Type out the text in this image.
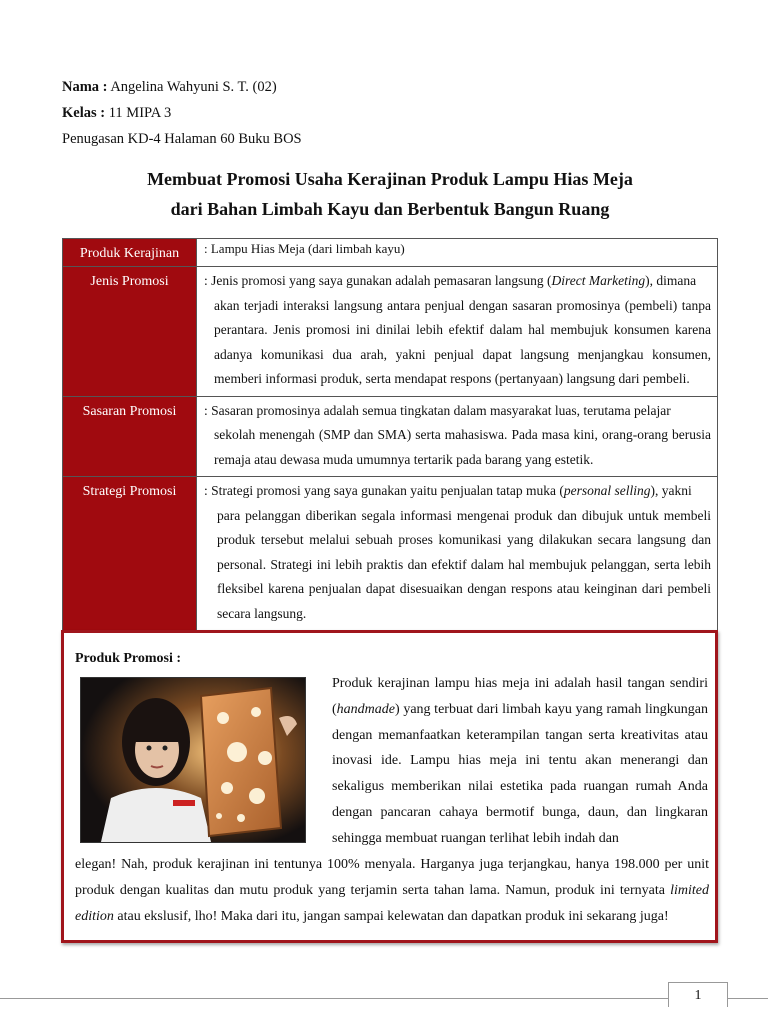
Nama : Angelina Wahyuni S. T. (02)
Kelas : 11 MIPA 3
Penugasan KD-4 Halaman 60 Buku BOS
Membuat Promosi Usaha Kerajinan Produk Lampu Hias Meja
dari Bahan Limbah Kayu dan Berbentuk Bangun Ruang
Produk Kerajinan	: Lampu Hias Meja (dari limbah kayu)
Jenis Promosi	: Jenis promosi yang saya gunakan adalah pemasaran langsung (Direct Marketing), dimana
akan terjadi interaksi langsung antara penjual dengan sasaran promosinya (pembeli) tanpa perantara. Jenis promosi ini dinilai lebih efektif dalam hal membujuk konsumen karena adanya komunikasi dua arah, yakni penjual dapat langsung menjangkau konsumen, memberi informasi produk, serta mendapat respons (pertanyaan) langsung dari pembeli.

Sasaran Promosi	: Sasaran promosinya adalah semua tingkatan dalam masyarakat luas, terutama pelajar
sekolah menengah (SMP dan SMA) serta mahasiswa. Pada masa kini, orang-orang berusia remaja atau dewasa muda umumnya tertarik pada barang yang estetik.

Strategi Promosi	: Strategi promosi yang saya gunakan yaitu penjualan tatap muka (personal selling), yakni
para pelanggan diberikan segala informasi mengenai produk dan dibujuk untuk membeli produk tersebut melalui sebuah proses komunikasi yang dilakukan secara langsung dan personal. Strategi ini lebih praktis dan efektif dalam hal membujuk pelanggan, serta lebih fleksibel karena penjualan dapat disesuaikan dengan respons atau keinginan dari pembeli secara langsung.
Produk Promosi :
Produk kerajinan lampu hias meja ini adalah hasil tangan sendiri (handmade) yang terbuat dari limbah kayu yang ramah lingkungan dengan memanfaatkan keterampilan tangan serta kreativitas atau inovasi ide. Lampu hias meja ini tentu akan menerangi dan sekaligus memberikan nilai estetika pada ruangan rumah Anda dengan pancaran cahaya bermotif bunga, daun, dan lingkaran sehingga membuat ruangan terlihat lebih indah dan
elegan! Nah, produk kerajinan ini tentunya 100% menyala. Harganya juga terjangkau, hanya 198.000 per unit produk dengan kualitas dan mutu produk yang terjamin serta tahan lama. Namun, produk ini ternyata limited edition atau ekslusif, lho! Maka dari itu, jangan sampai kelewatan dan dapatkan produk ini sekarang juga!
1
